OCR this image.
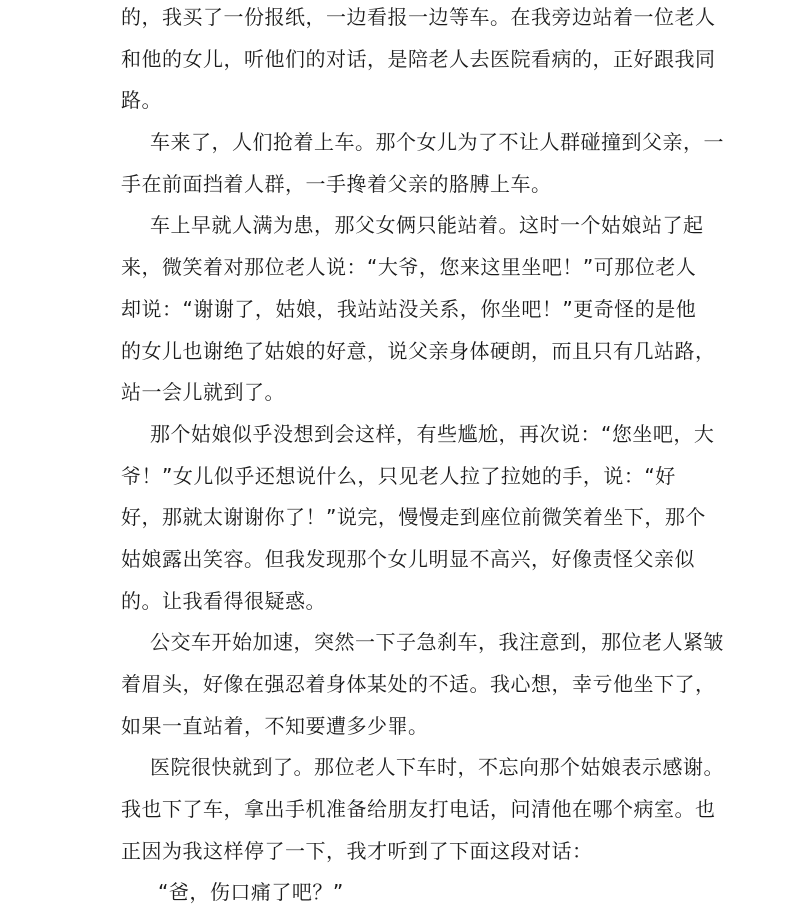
的，我买了一份报纸，一边看报一边等车。在我旁边站着一位老人
和他的女儿，听他们的对话，是陪老人去医院看病的，正好跟我同
路。
车来了，人们抢着上车。那个女儿为了不让人群碰撞到父亲，一
手在前面挡着人群，一手搀着父亲的胳膊上车。
车上早就人满为患，那父女俩只能站着。这时一个姑娘站了起
来，微笑着对那位老人说：“大爷，您来这里坐吧！”可那位老人
却说：“谢谢了，姑娘，我站站没关系，你坐吧！”更奇怪的是他
的女儿也谢绝了姑娘的好意，说父亲身体硬朗，而且只有几站路，
站一会儿就到了。
那个姑娘似乎没想到会这样，有些尴尬，再次说：“您坐吧，大
爷！”女儿似乎还想说什么，只见老人拉了拉她的手，说：“好
好，那就太谢谢你了！”说完，慢慢走到座位前微笑着坐下，那个
姑娘露出笑容。但我发现那个女儿明显不高兴，好像责怪父亲似
的。让我看得很疑惑。
公交车开始加速，突然一下子急刹车，我注意到，那位老人紧皱
着眉头，好像在强忍着身体某处的不适。我心想，幸亏他坐下了，
如果一直站着，不知要遭多少罪。
医院很快就到了。那位老人下车时，不忘向那个姑娘表示感谢。
我也下了车，拿出手机准备给朋友打电话，问清他在哪个病室。也
正因为我这样停了一下，我才听到了下面这段对话：
“爸，伤口痛了吧？”
